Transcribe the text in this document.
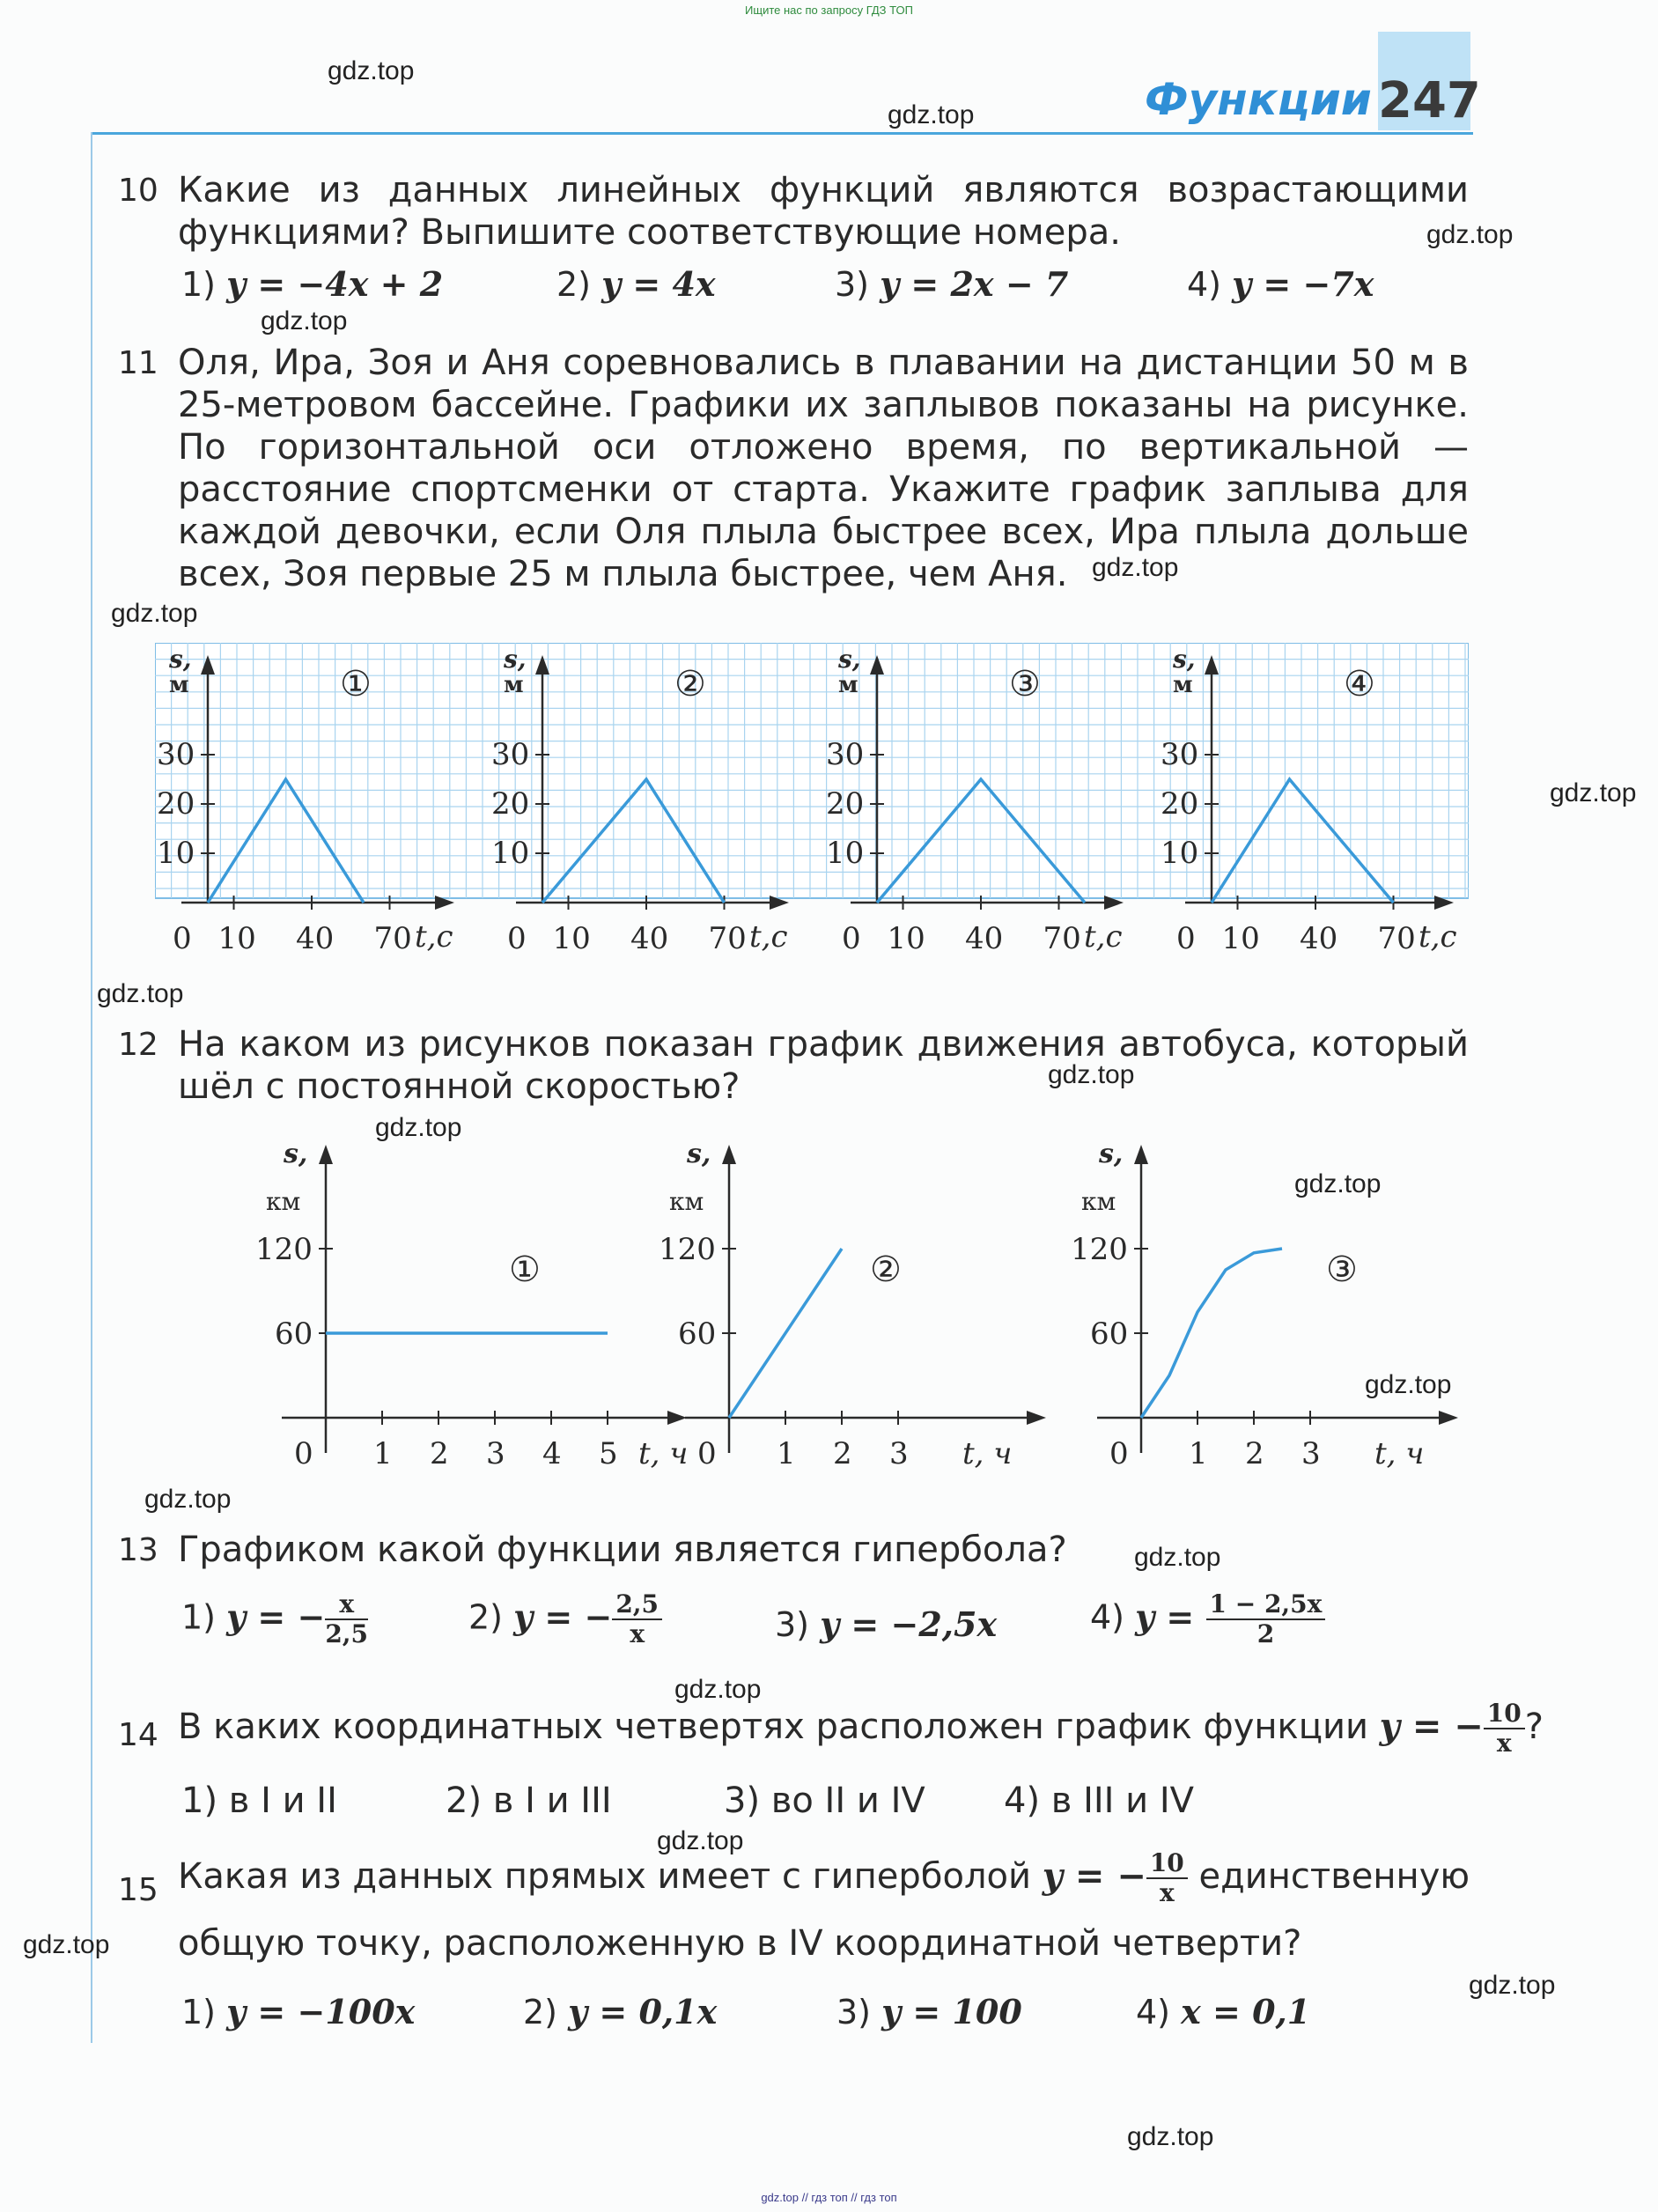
Ищите нас по запросу ГДЗ ТОП
Функции 247
gdz.top
gdz.top
gdz.top
gdz.top
gdz.top
gdz.top
gdz.top
gdz.top
gdz.top
gdz.top
gdz.top
gdz.top
gdz.top
gdz.top
gdz.top
gdz.top
gdz.top
gdz.top
gdz.top
10 Какие из данных линейных функций являются возрастающими функциями? Выпишите соответствующие номера.
1) y = −4x + 2	2) y = 4x	3) y = 2x − 7	4) y = −7x
11 Оля, Ира, Зоя и Аня соревновались в плавании на дистанции 50 м в 25-метровом бассейне. Графики их заплывов показаны на рисунке. По горизонтальной оси отложено время, по вертикальной — расстояние спортсменки от старта. Укажите график заплыва для каждой девочки, если Оля плыла быстрее всех, Ира плыла дольше всех, Зоя первые 25 м плыла быстрее, чем Аня.
s,
м
10
20
30
0 10 40 70 t,c
①
s,
м
10
20
30
0 10 40 70 t,c
②
s,
м
10
20
30
0 10 40 70 t,c
③
s,
м
10
20
30
0 10 40 70 t,c
④
12 На каком из рисунков показан график движения автобуса, который шёл с постоянной скоростью?
s,
км
60
120
0 1 2 3 4 5 t, ч
①
s,
км
60
120
0 1 2 3 t, ч
②
s,
км
60
120
0 1 2 3 t, ч
③
13 Графиком какой функции является гипербола?
1) y = − $\frac{x}{2,5}$	2) y = − $\frac{2,5}{x}$	3) y = −2,5x	4) $y = \frac{1 - 2,5x}{2}$
14 В каких координатных четвертях расположен график функции y = − $\frac{10}{x}$ ?
1) в I и II	2) в I и III	3) во II и IV 4) в III и IV
15 Какая из данных прямых имеет с гиперболой y = − $\frac{10}{x}$ единственную
общую точку, расположенную в IV координатной четверти?
1) y = −100x	2) y = 0,1x	3) y = 100	4) x = 0,1
gdz.top // гдз топ // гдз топ
